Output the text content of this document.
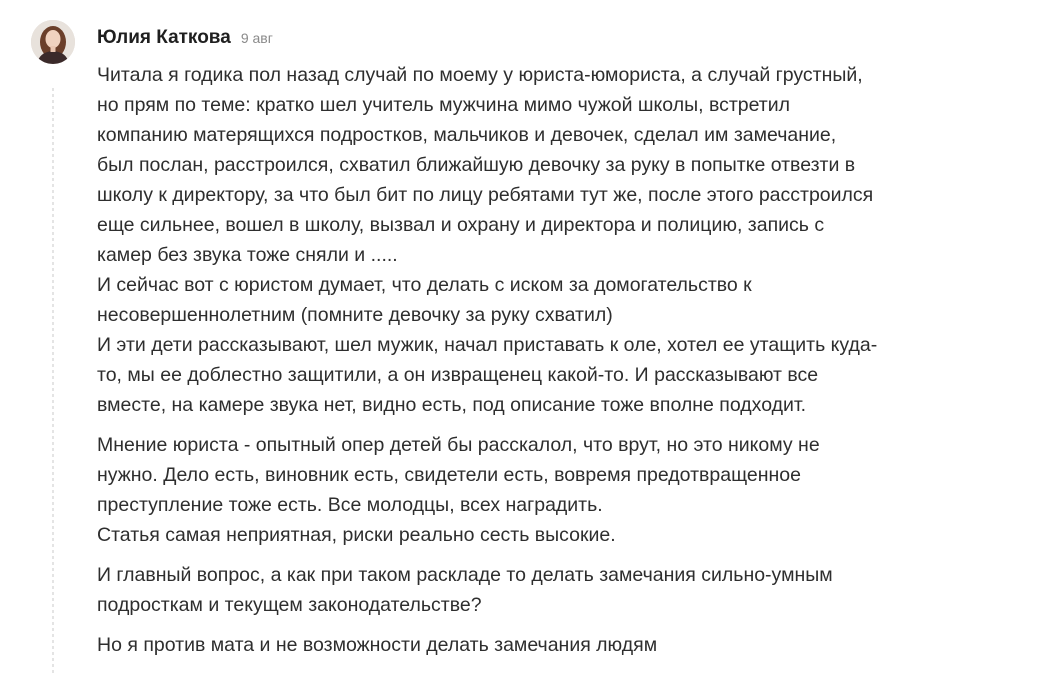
Юлия Каткова 9 авг

Читала я годика пол назад случай по моему у юриста-юмориста, а случай грустный,
но прям по теме: кратко шел учитель мужчина мимо чужой школы, встретил
компанию матерящихся подростков, мальчиков и девочек, сделал им замечание,
был послан, расстроился, схватил ближайшую девочку за руку в попытке отвезти в
школу к директору, за что был бит по лицу ребятами тут же, после этого расстроился
еще сильнее, вошел в школу, вызвал и охрану и директора и полицию, запись с
камер без звука тоже сняли и .....
И сейчас вот с юристом думает, что делать с иском за домогательство к
несовершеннолетним (помните девочку за руку схватил)
И эти дети рассказывают, шел мужик, начал приставать к оле, хотел ее утащить куда-
то, мы ее доблестно защитили, а он извращенец какой-то. И рассказывают все
вместе, на камере звука нет, видно есть, под описание тоже вполне подходит.

Мнение юриста - опытный опер детей бы расскалол, что врут, но это никому не
нужно. Дело есть, виновник есть, свидетели есть, вовремя предотвращенное
преступление тоже есть. Все молодцы, всех наградить.
Статья самая неприятная, риски реально сесть высокие.

И главный вопрос, а как при таком раскладе то делать замечания сильно-умным
подросткам и текущем законодательстве?

Но я против мата и не возможности делать замечания людям
